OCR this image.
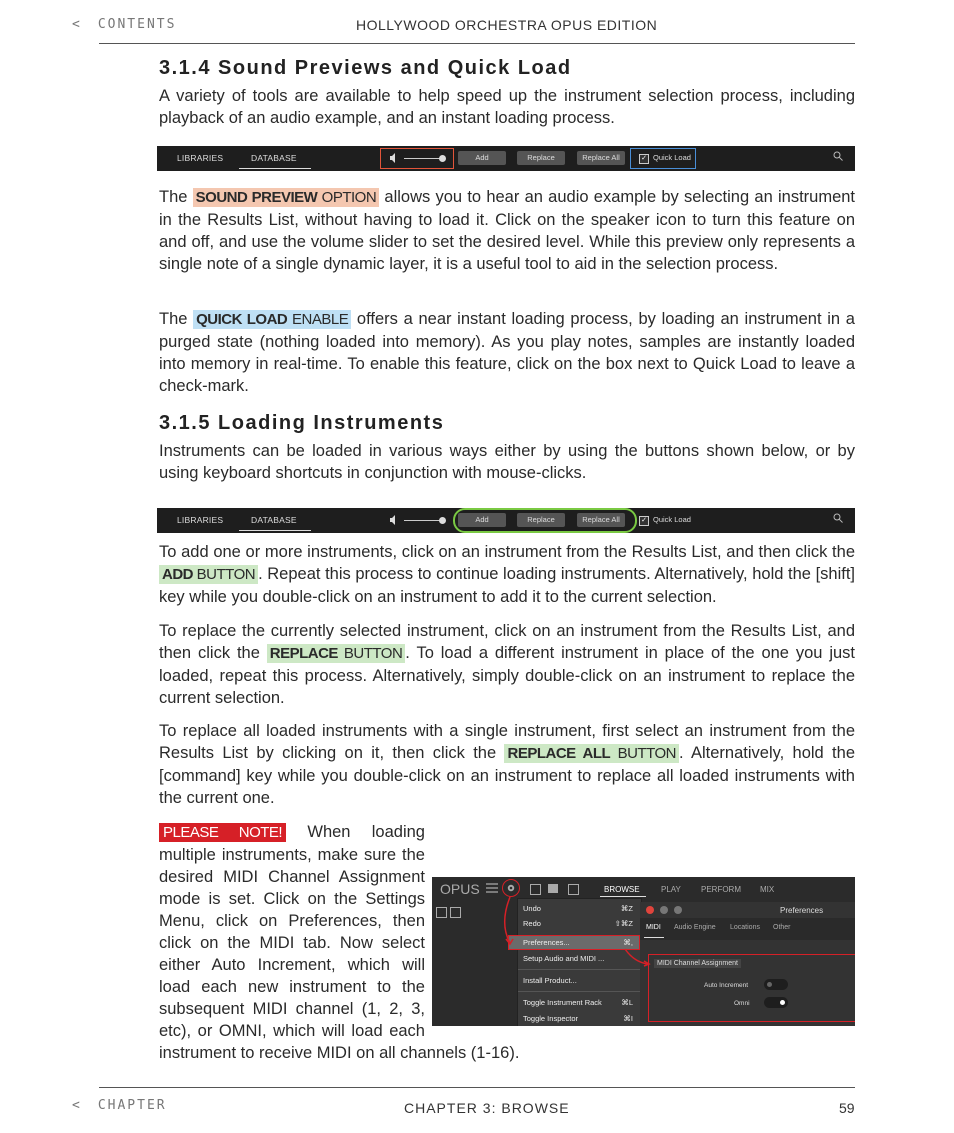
< CONTENTS	HOLLYWOOD ORCHESTRA OPUS EDITION
3.1.4 Sound Previews and Quick Load

A variety of tools are available to help speed up the instrument selection process, including playback of an audio example, and an instant loading process.

LIBRARIES	DATABASE	Add	Replace	Replace All	✓ Quick Load

The SOUND PREVIEW OPTION allows you to hear an audio example by selecting an instrument in the Results List, without having to load it. Click on the speaker icon to turn this feature on and off, and use the volume slider to set the desired level. While this preview only represents a single note of a single dynamic layer, it is a useful tool to aid in the selection process.

The QUICK LOAD ENABLE offers a near instant loading process, by loading an instrument in a purged state (nothing loaded into memory). As you play notes, samples are instantly loaded into memory in real-time. To enable this feature, click on the box next to Quick Load to leave a check-mark.

3.1.5 Loading Instruments

Instruments can be loaded in various ways either by using the buttons shown below, or by using keyboard shortcuts in conjunction with mouse-clicks.

LIBRARIES	DATABASE	Add	Replace	Replace All	✓ Quick Load

To add one or more instruments, click on an instrument from the Results List, and then click the ADD BUTTON . Repeat this process to continue loading instruments. Alternatively, hold the [shift] key while you double-click on an instrument to add it to the current selection.

To replace the currently selected instrument, click on an instrument from the Results List, and then click the REPLACE BUTTON . To load a different instrument in place of the one you just loaded, repeat this process. Alternatively, simply double-click on an instrument to replace the current selection.

To replace all loaded instruments with a single instrument, first select an instrument from the Results List by clicking on it, then click the REPLACE ALL BUTTON . Alternatively, hold the [command] key while you double-click on an instrument to replace all loaded instruments with the current one.

PLEASE NOTE! When loading multiple instruments, make sure the desired MIDI Channel Assignment mode is set. Click on the Settings Menu, click on Preferences, then click on the MIDI tab. Now select either Auto Increment, which will load each new instrument to the subsequent MIDI channel (1, 2, 3, etc), or OMNI, which will load each instrument to receive MIDI on all channels (1-16).
OPUS	BROWSE	PLAY	PERFORM MIX
Undo	⌘Z
Redo	⇧⌘Z
Preferences...	⌘,
Setup Audio and MIDI ...
Install Product...
Toggle Instrument Rack	⌘L
Toggle Inspector	⌘I
Preferences
MIDI Audio Engine Locations Other
MIDI Channel Assignment
Auto Increment
Omni
< CHAPTER	CHAPTER 3: BROWSE	59
